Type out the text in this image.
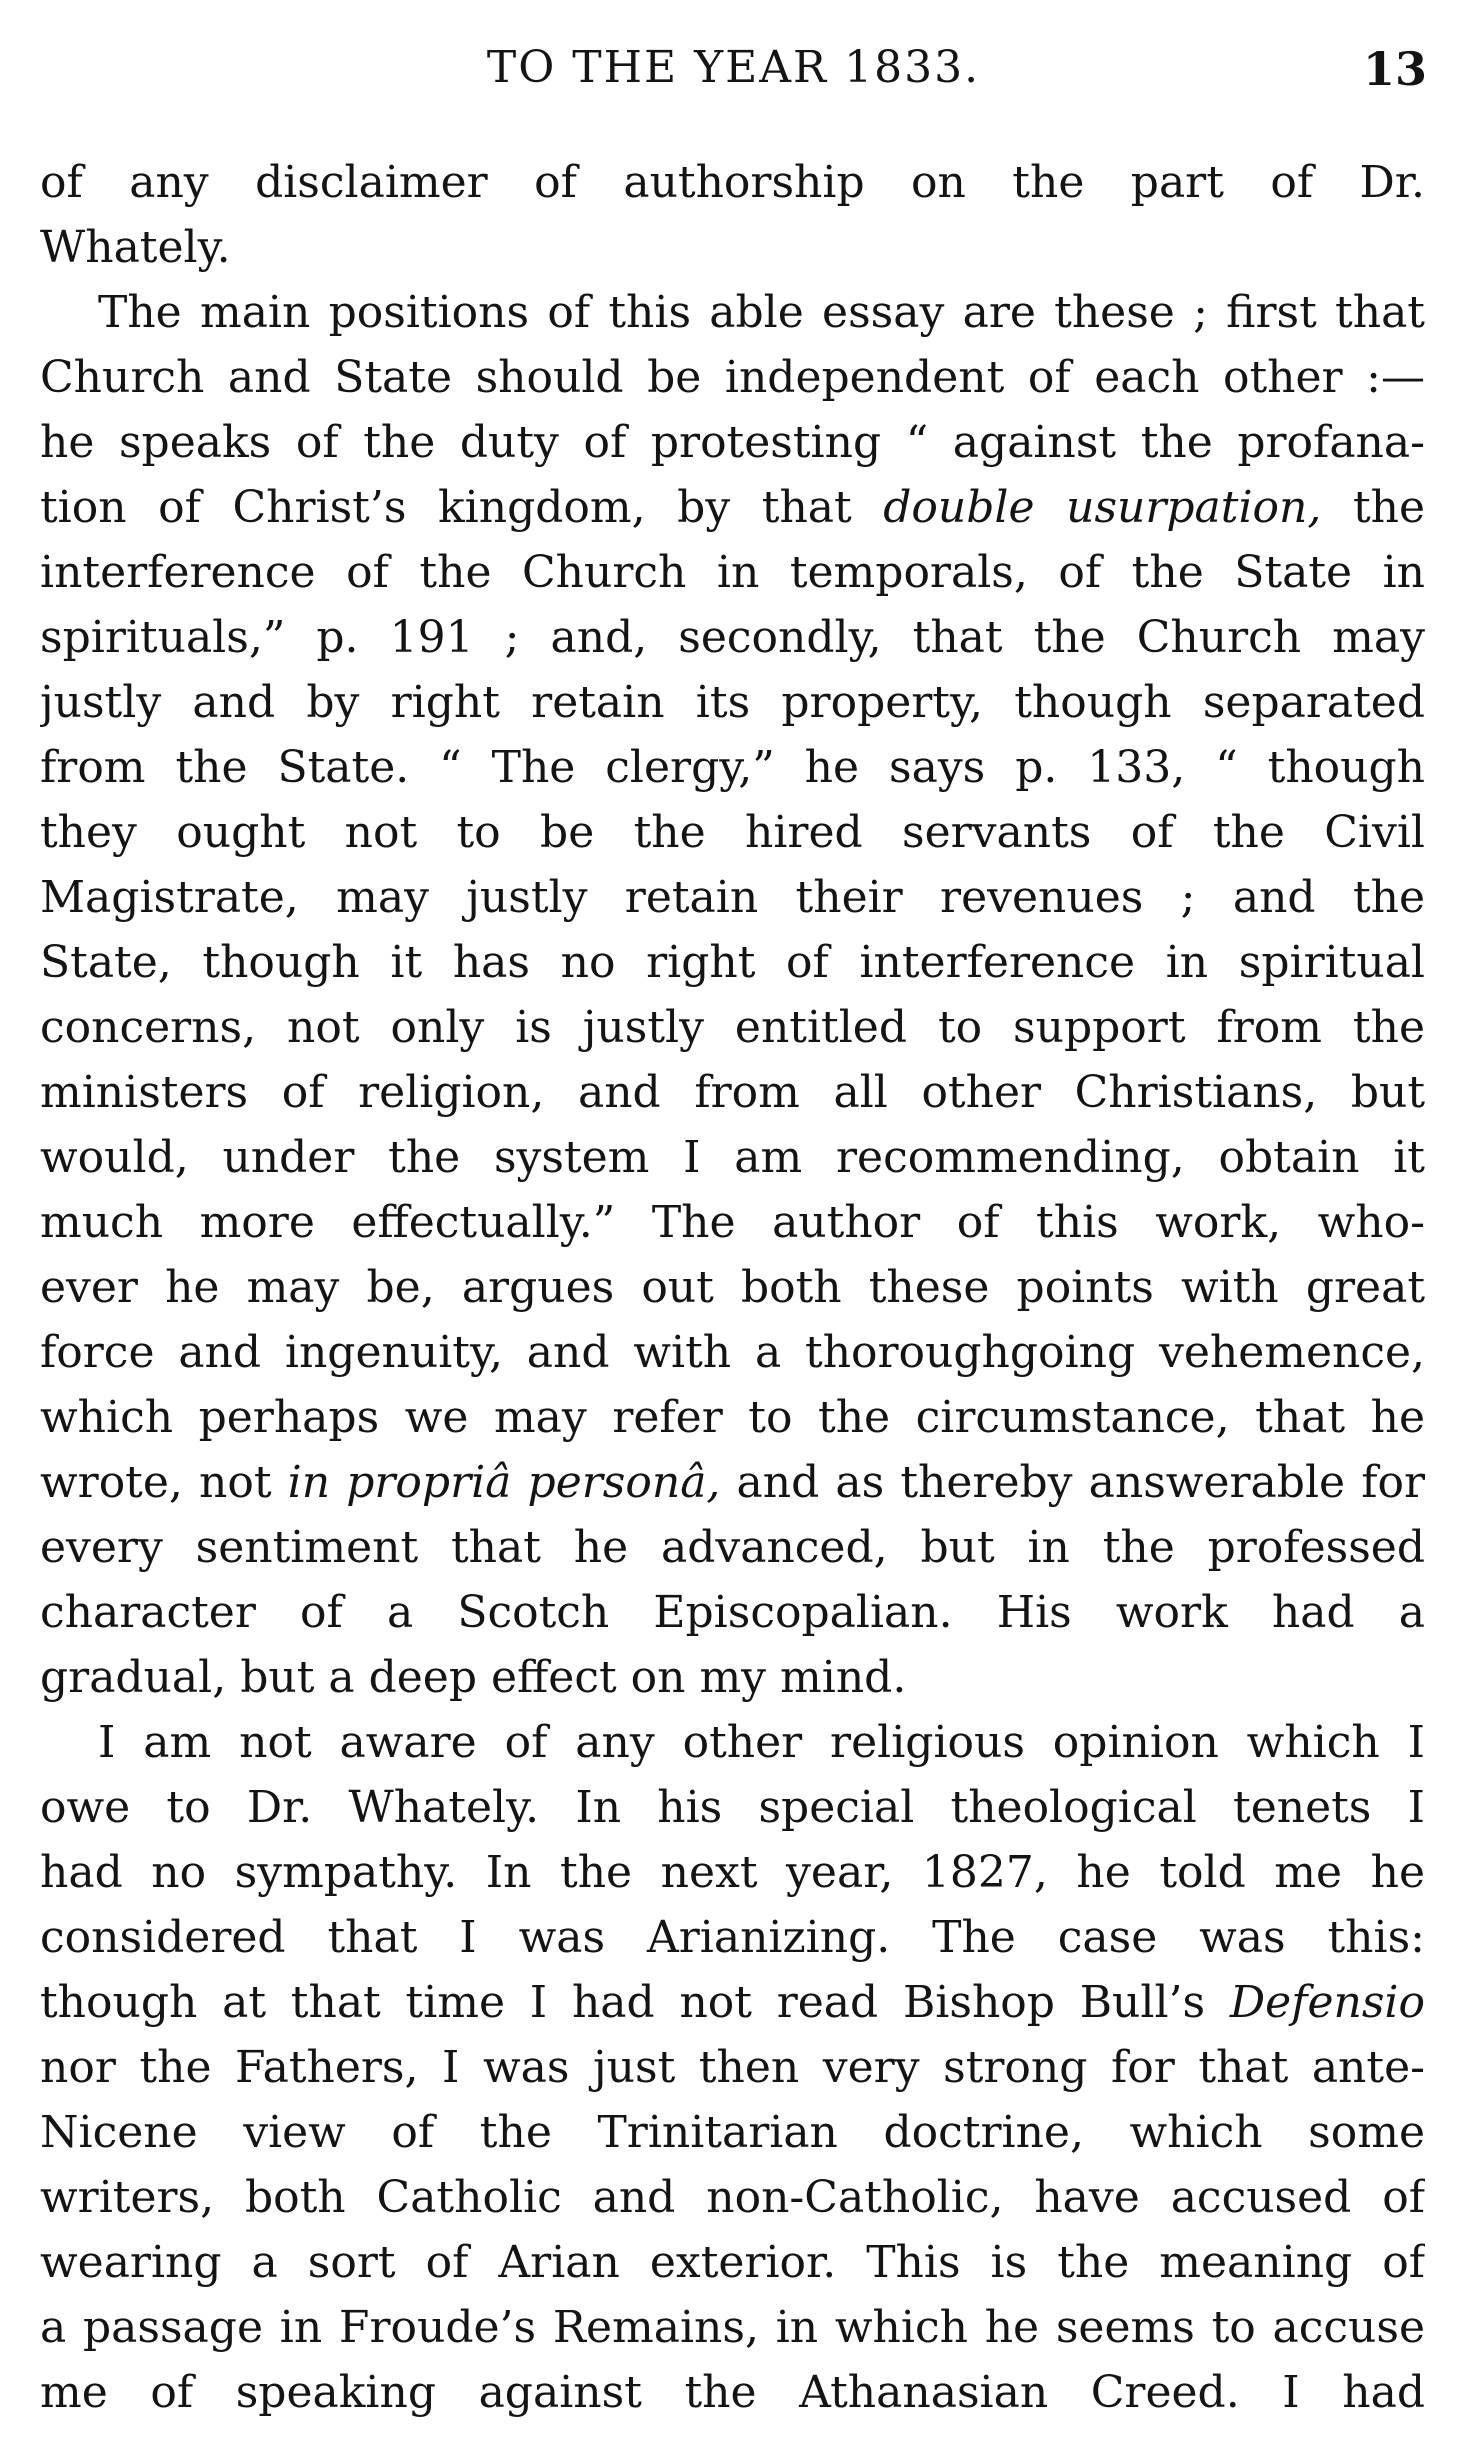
TO THE YEAR 1833.	13
of any disclaimer of authorship on the part of Dr.
Whately.
The main positions of this able essay are these ; first that
Church and State should be independent of each other :—
he speaks of the duty of protesting “ against the profana-
tion of Christ’s kingdom, by that double usurpation, the
interference of the Church in temporals, of the State in
spirituals,” p. 191 ; and, secondly, that the Church may
justly and by right retain its property, though separated
from the State. “ The clergy,” he says p. 133, “ though
they ought not to be the hired servants of the Civil
Magistrate, may justly retain their revenues ; and the
State, though it has no right of interference in spiritual
concerns, not only is justly entitled to support from the
ministers of religion, and from all other Christians, but
would, under the system I am recommending, obtain it
much more effectually.” The author of this work, who-
ever he may be, argues out both these points with great
force and ingenuity, and with a thoroughgoing vehemence,
which perhaps we may refer to the circumstance, that he
wrote, not in propriâ personâ, and as thereby answerable for
every sentiment that he advanced, but in the professed
character of a Scotch Episcopalian. His work had a
gradual, but a deep effect on my mind.
I am not aware of any other religious opinion which I
owe to Dr. Whately. In his special theological tenets I
had no sympathy. In the next year, 1827, he told me he
considered that I was Arianizing. The case was this:
though at that time I had not read Bishop Bull’s Defensio
nor the Fathers, I was just then very strong for that ante-
Nicene view of the Trinitarian doctrine, which some
writers, both Catholic and non-Catholic, have accused of
wearing a sort of Arian exterior. This is the meaning of
a passage in Froude’s Remains, in which he seems to accuse
me of speaking against the Athanasian Creed. I had
